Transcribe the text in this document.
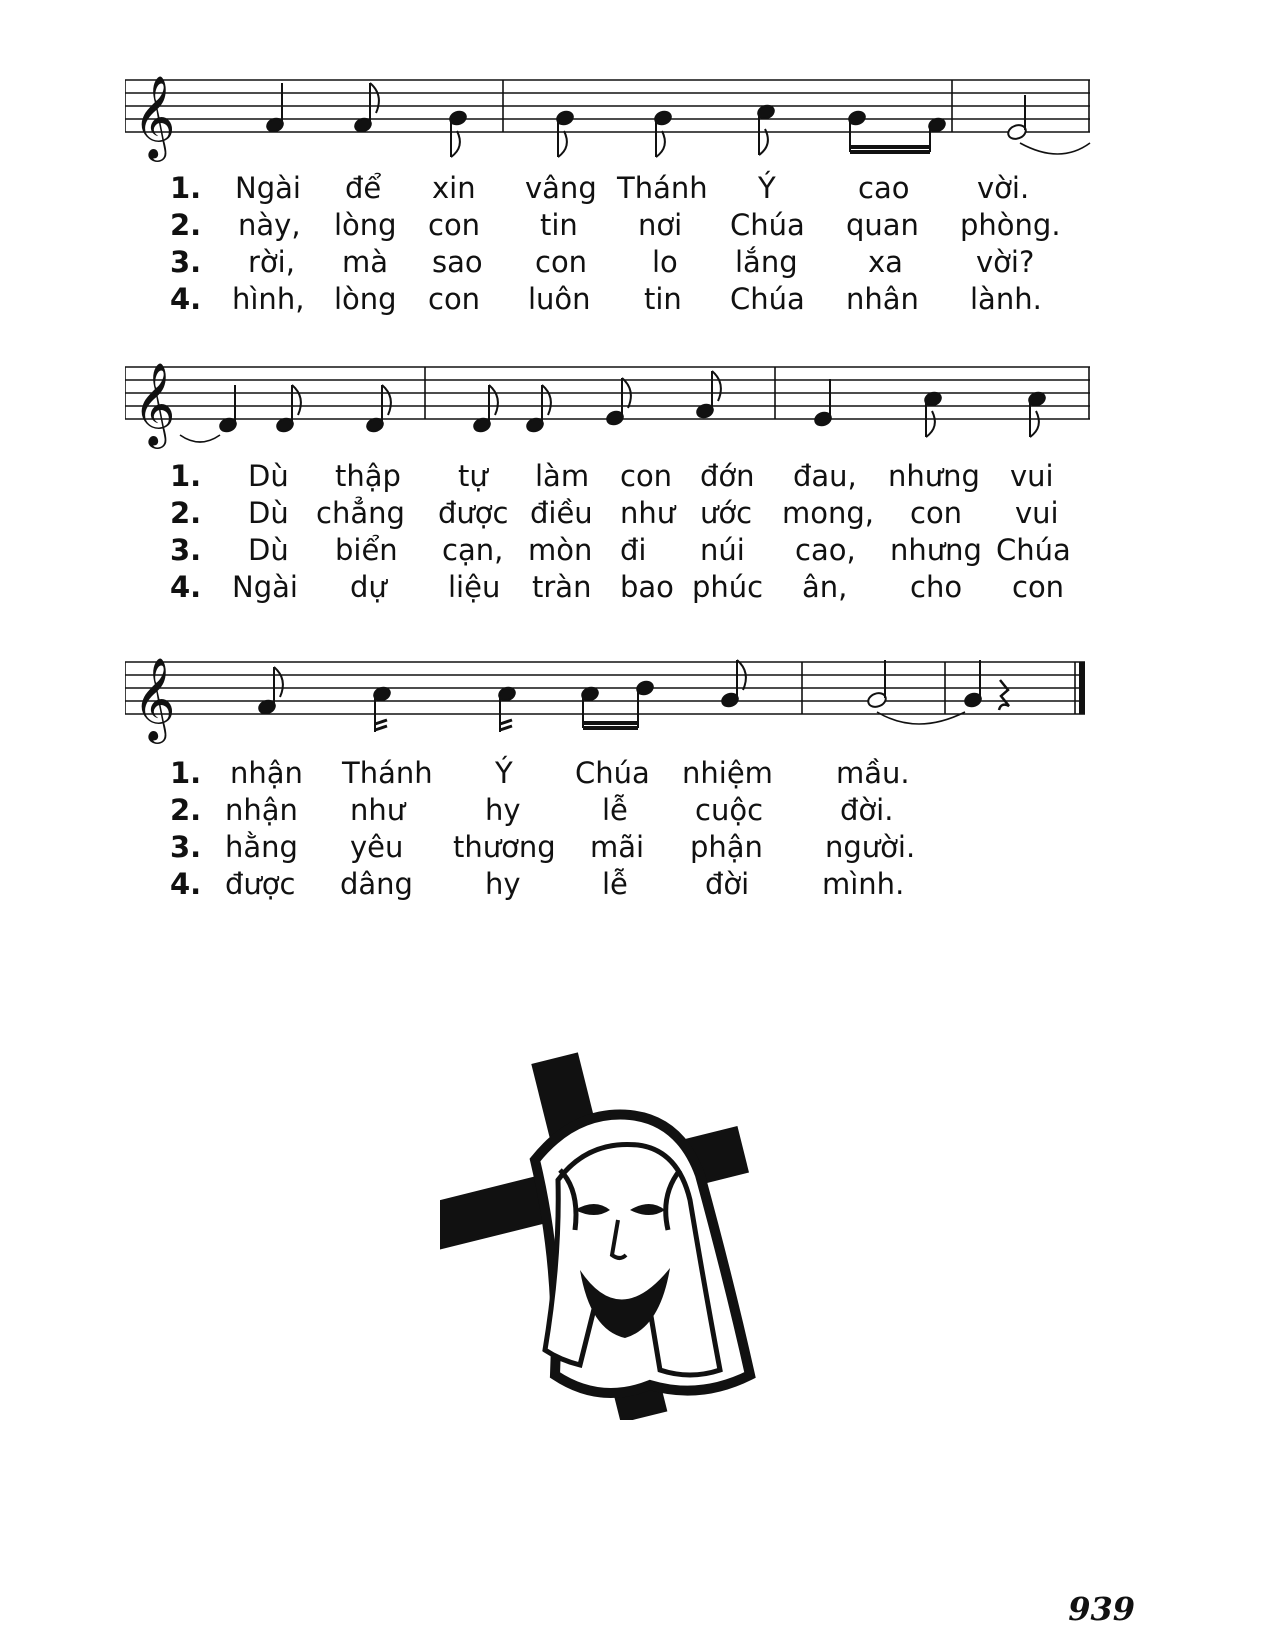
𝄞
1.	Ngài để xin vâng Thánh Ý	cao vời.
2.	này, lòng con tin nơi Chúa quan phòng.
3.	rời, mà sao con lo lắng xa	vời?
4.	hình, lòng con luôn tin Chúa nhân lành.
𝄞
1.	Dù thập tự làm con đớn đau, nhưng vui
2.	Dù chẳng được điều như ước mong, con vui
3.	Dù biển cạn, mòn đi núi cao, nhưng Chúa
4.	Ngài dự liệu tràn bao phúc ân, cho con
𝄞
1. nhận Thánh Ý Chúa nhiệm mầu.
2. nhận như	hy	lễ cuộc	đời.
3. hằng yêu thương mãi phận người.
4. được dâng hy	lễ	đời	mình.
939
